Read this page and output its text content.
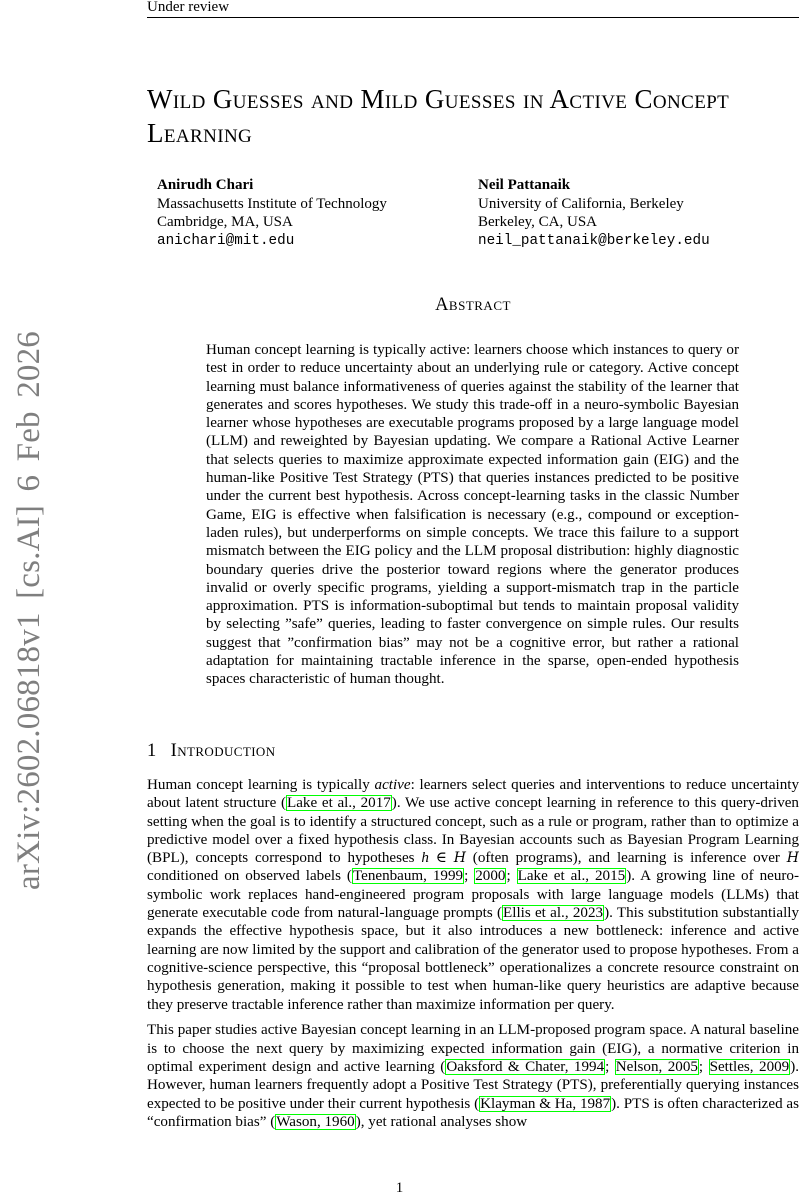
Under review
arXiv:2602.06818v1 [cs.AI] 6 Feb 2026
Wild Guesses and Mild Guesses in Active Concept Learning
Anirudh Chari
Massachusetts Institute of Technology
Cambridge, MA, USA
anichari@mit.edu
Neil Pattanaik
University of California, Berkeley
Berkeley, CA, USA
neil_pattanaik@berkeley.edu
Abstract
Human concept learning is typically active: learners choose which instances to query or test in order to reduce uncertainty about an underlying rule or category. Active concept learning must balance informativeness of queries against the stability of the learner that generates and scores hypotheses. We study this trade-off in a neuro-symbolic Bayesian learner whose hypotheses are executable programs proposed by a large language model (LLM) and reweighted by Bayesian updating. We compare a Rational Active Learner that selects queries to maximize approximate expected information gain (EIG) and the human-like Positive Test Strategy (PTS) that queries instances predicted to be positive under the current best hypothesis. Across concept-learning tasks in the classic Number Game, EIG is effective when falsification is necessary (e.g., compound or exception-laden rules), but underperforms on simple concepts. We trace this failure to a support mismatch between the EIG policy and the LLM proposal distribution: highly diagnostic boundary queries drive the posterior toward regions where the generator produces invalid or overly specific programs, yielding a support-mismatch trap in the particle approximation. PTS is information-suboptimal but tends to maintain proposal validity by selecting ”safe” queries, leading to faster convergence on simple rules. Our results suggest that ”confirmation bias” may not be a cognitive error, but rather a rational adaptation for maintaining tractable inference in the sparse, open-ended hypothesis spaces characteristic of human thought.
1 Introduction

Human concept learning is typically active: learners select queries and interventions to reduce uncertainty about latent structure (Lake et al., 2017). We use active concept learning in reference to this query-driven setting when the goal is to identify a structured concept, such as a rule or program, rather than to optimize a predictive model over a fixed hypothesis class. In Bayesian accounts such as Bayesian Program Learning (BPL), concepts correspond to hypotheses h ∈ H (often programs), and learning is inference over H conditioned on observed labels (Tenenbaum, 1999; 2000; Lake et al., 2015). A growing line of neuro-symbolic work replaces hand-engineered program proposals with large language models (LLMs) that generate executable code from natural-language prompts (Ellis et al., 2023). This substitution substantially expands the effective hypothesis space, but it also introduces a new bottleneck: inference and active learning are now limited by the support and calibration of the generator used to propose hypotheses. From a cognitive-science perspective, this “proposal bottleneck” operationalizes a concrete resource constraint on hypothesis generation, making it possible to test when human-like query heuristics are adaptive because they preserve tractable inference rather than maximize information per query.

This paper studies active Bayesian concept learning in an LLM-proposed program space. A natural baseline is to choose the next query by maximizing expected information gain (EIG), a normative criterion in optimal experiment design and active learning (Oaksford & Chater, 1994; Nelson, 2005; Settles, 2009). However, human learners frequently adopt a Positive Test Strategy (PTS), preferentially querying instances expected to be positive under their current hypothesis (Klayman & Ha, 1987). PTS is often characterized as “confirmation bias” (Wason, 1960), yet rational analyses show

1
